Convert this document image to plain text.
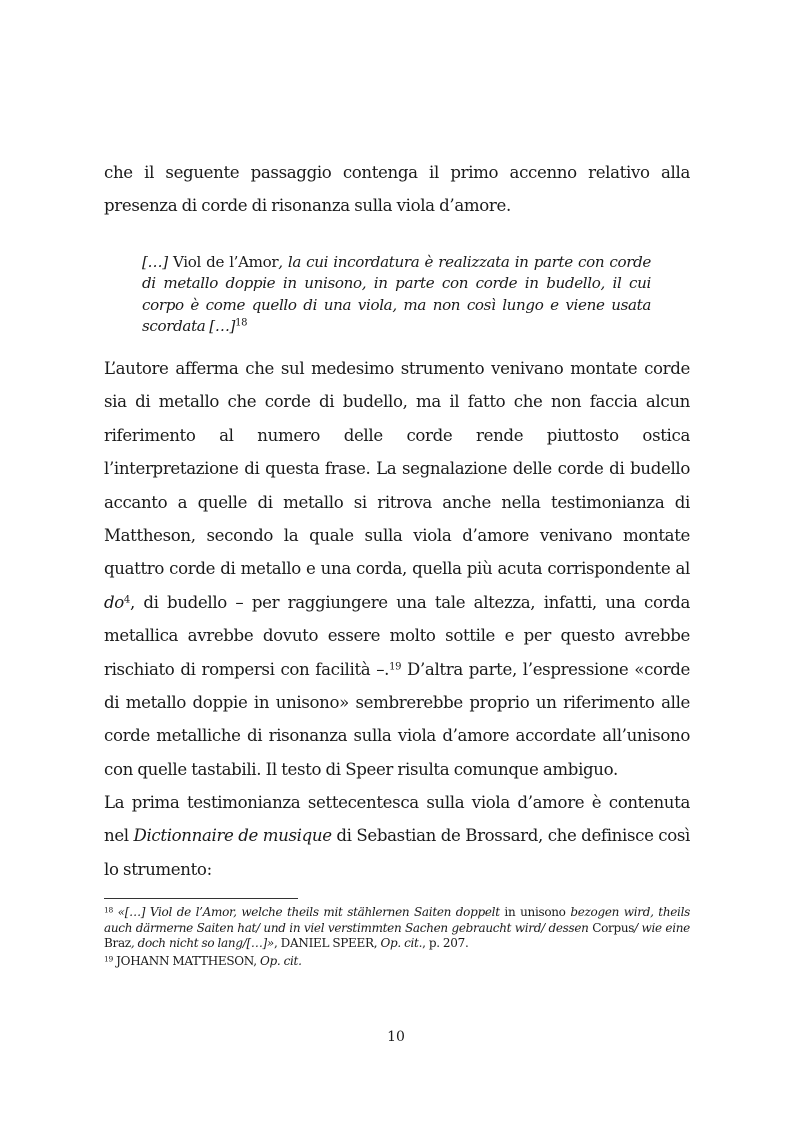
che il seguente passaggio contenga il primo accenno relativo alla presenza di corde di risonanza sulla viola d’amore.

[…] Viol de l’Amor, la cui incordatura è realizzata in parte con corde di metallo doppie in unisono, in parte con corde in budello, il cui corpo è come quello di una viola, ma non così lungo e viene usata scordata […]$^{18}$

L’autore afferma che sul medesimo strumento venivano montate corde sia di metallo che corde di budello, ma il fatto che non faccia alcun riferimento al numero delle corde rende piuttosto ostica l’interpretazione di questa frase. La segnalazione delle corde di budello accanto a quelle di metallo si ritrova anche nella testimonianza di Mattheson, secondo la quale sulla viola d’amore venivano montate quattro corde di metallo e una corda, quella più acuta corrispondente al $do^4$, di budello – per raggiungere una tale altezza, infatti, una corda metallica avrebbe dovuto essere molto sottile e per questo avrebbe rischiato di rompersi con facilità –.$^{19}$ D’altra parte, l’espressione «corde di metallo doppie in unisono» sembrerebbe proprio un riferimento alle corde metalliche di risonanza sulla viola d’amore accordate all’unisono con quelle tastabili. Il testo di Speer risulta comunque ambiguo.

La prima testimonianza settecentesca sulla viola d’amore è contenuta nel Dictionnaire de musique di Sebastian de Brossard, che definisce così lo strumento:

$^{18}$ «[…] Viol de l’Amor, welche theils mit stählernen Saiten doppelt in unisono bezogen wird, theils auch därmerne Saiten hat/ und in viel verstimmten Sachen gebraucht wird/ dessen Corpus/ wie eine Braz, doch nicht so lang/[…]», DANIEL SPEER, Op. cit., p. 207.

$^{19}$ JOHANN MATTHESON, Op. cit.

10
